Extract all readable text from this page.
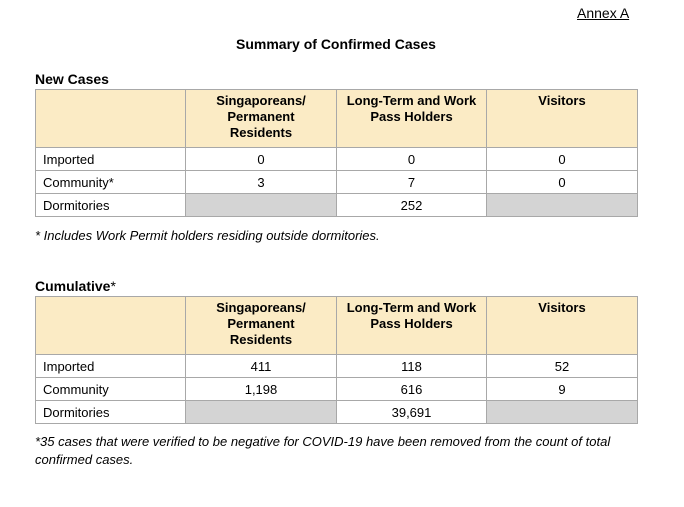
Annex A
Summary of Confirmed Cases
New Cases
	Singaporeans/ Permanent Residents	Long-Term and Work Pass Holders	Visitors
Imported	0	0	0
Community*	3	7	0
Dormitories		252	
* Includes Work Permit holders residing outside dormitories.
Cumulative*
	Singaporeans/ Permanent Residents	Long-Term and Work Pass Holders	Visitors
Imported	411	118	52
Community	1,198	616	9
Dormitories		39,691	
*35 cases that were verified to be negative for COVID-19 have been removed from the count of total confirmed cases.
